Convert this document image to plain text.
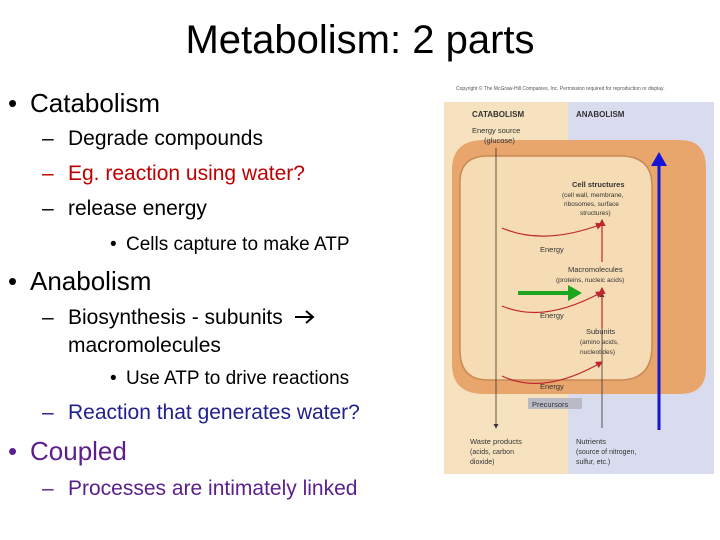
Metabolism: 2 parts
• Catabolism
– Degrade compounds
– Eg. reaction using water?
– release energy
• Cells capture to make ATP
• Anabolism
– Biosynthesis - subunits
macromolecules
• Use ATP to drive reactions
– Reaction that generates water?
• Coupled
– Processes are intimately linked
Copyright © The McGraw-Hill Companies, Inc. Permission required for reproduction or display.
CATABOLISM	ANABOLISM
Energy source
(glucose)
Cell structures
(cell wall, membrane,
ribosomes, surface
structures)
Energy
Macromolecules
(proteins, nucleic acids)
Energy
Subunits
(amino acids,
nucleotides)
Energy
Precursors
Waste products
(acids, carbon
dioxide)
Nutrients
(source of nitrogen,
sulfur, etc.)
